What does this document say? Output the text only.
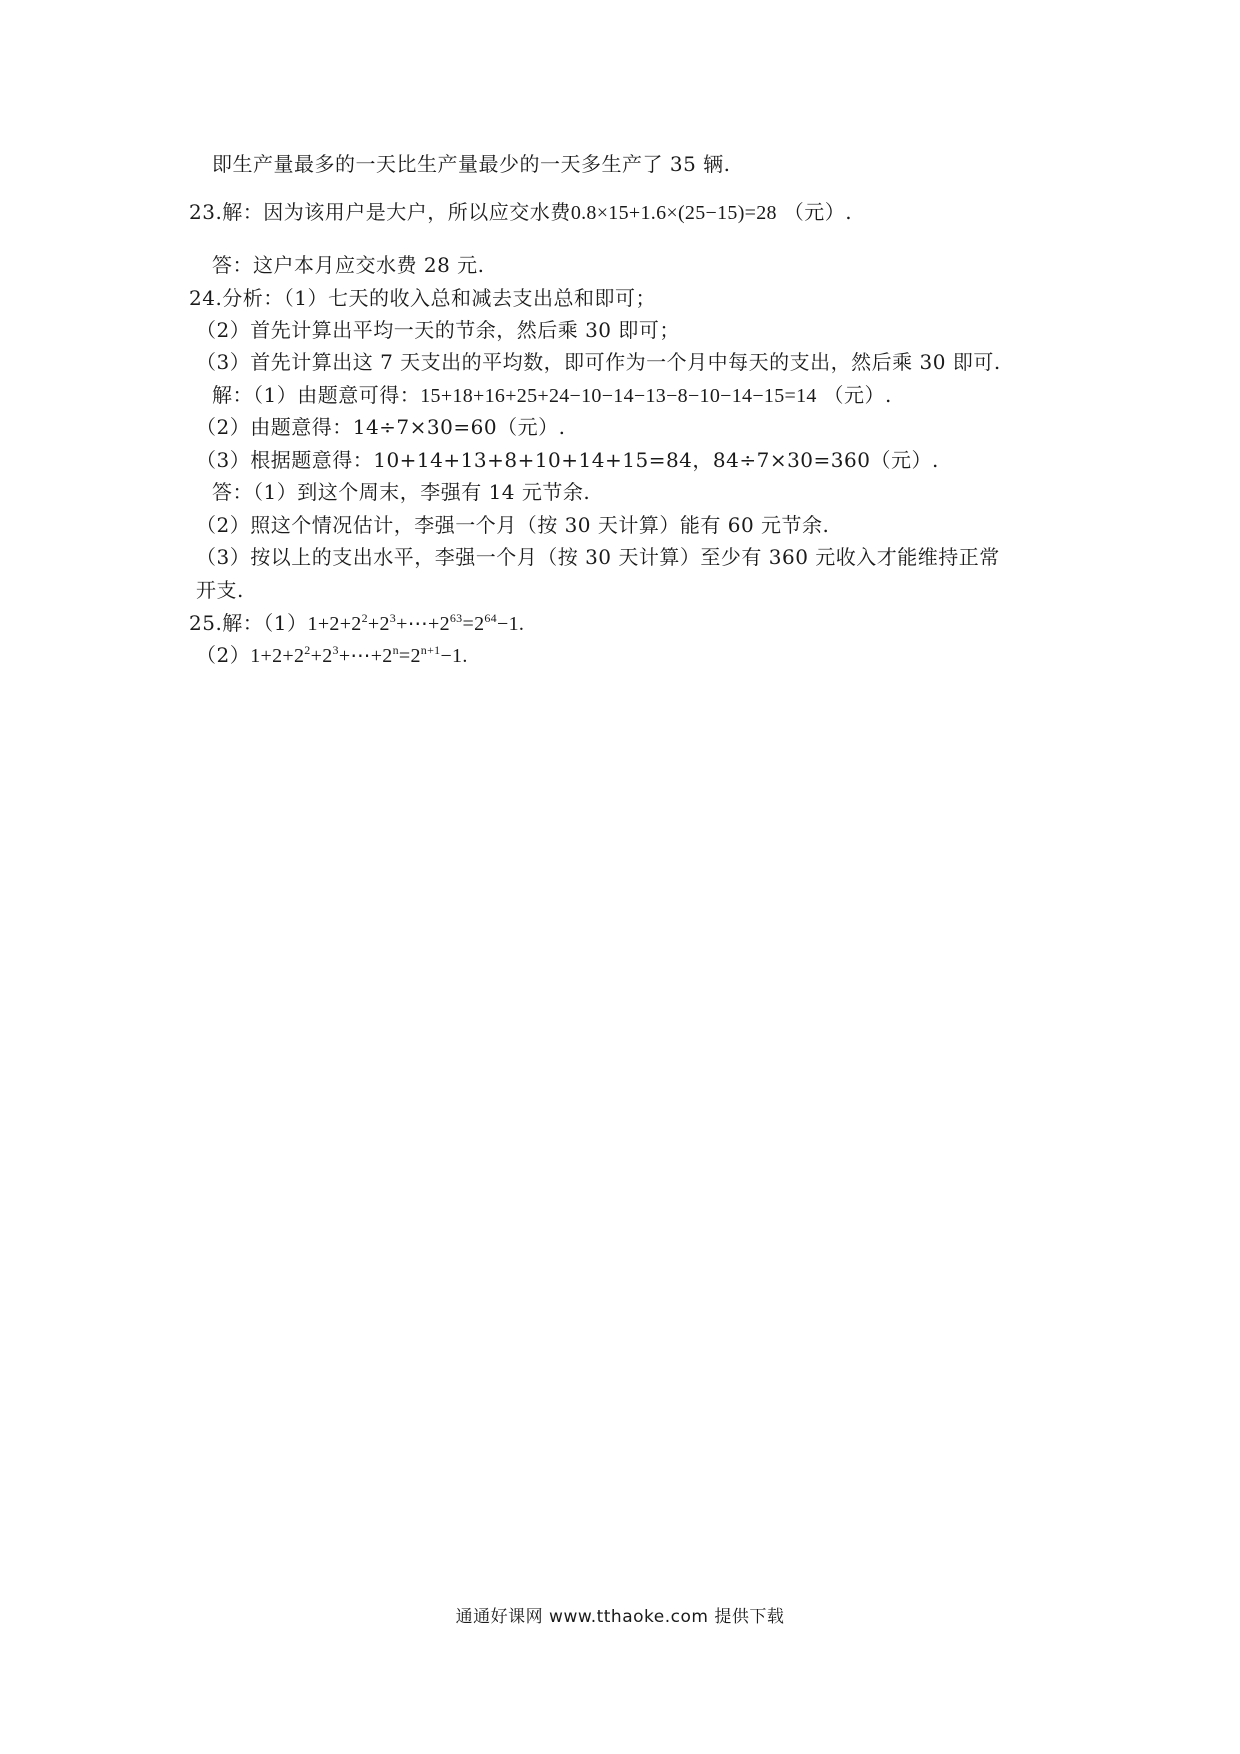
即生产量最多的一天比生产量最少的一天多生产了 35 辆.
23.解：因为该用户是大户，所以应交水费0.8×15+1.6×(25−15)=28 （元）.
答：这户本月应交水费 28 元.
24.分析：（1）七天的收入总和减去支出总和即可；
（2）首先计算出平均一天的节余，然后乘 30 即可；
（3）首先计算出这 7 天支出的平均数，即可作为一个月中每天的支出，然后乘 30 即可.
解：（1）由题意可得：15+18+16+25+24−10−14−13−8−10−14−15=14 （元）.
（2）由题意得：14÷7×30=60（元）.
（3）根据题意得：10+14+13+8+10+14+15=84，84÷7×30=360（元）.
答：（1）到这个周末，李强有 14 元节余.
（2）照这个情况估计，李强一个月（按 30 天计算）能有 60 元节余.
（3）按以上的支出水平，李强一个月（按 30 天计算）至少有 360 元收入才能维持正常
开支.
25.解：$(1)1+2+2^2+2^3+\cdots+2^{63}=2^{64}-1$.
$(2)1+2+2^2+2^3+\cdots+2^n=2^{n+1}-1$.
通通好课网 www.tthaoke.com 提供下载
